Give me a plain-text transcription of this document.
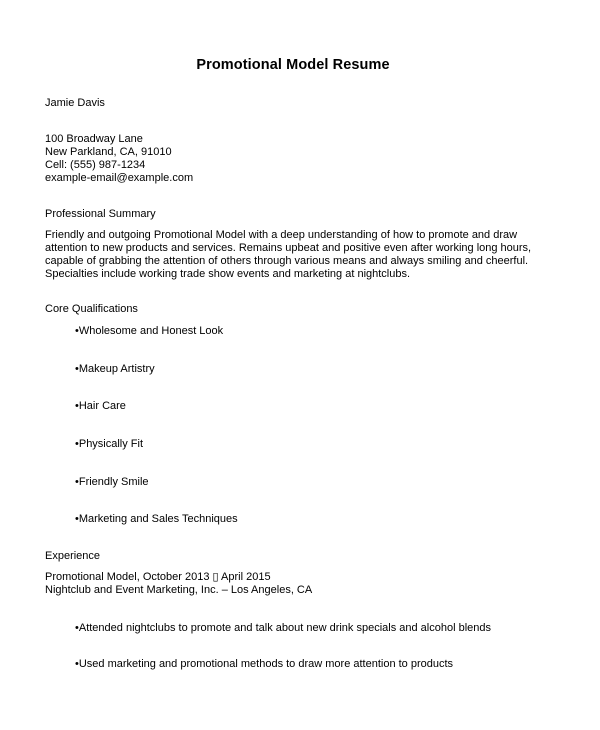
Promotional Model Resume
Jamie Davis
100 Broadway Lane
New Parkland, CA, 91010
Cell: (555) 987-1234
example-email@example.com
Professional Summary
Friendly and outgoing Promotional Model with a deep understanding of how to promote and draw attention to new products and services. Remains upbeat and positive even after working long hours, capable of grabbing the attention of others through various means and always smiling and cheerful. Specialties include working trade show events and marketing at nightclubs.
Core Qualifications
•Wholesome and Honest Look
•Makeup Artistry
•Hair Care
•Physically Fit
•Friendly Smile
•Marketing and Sales Techniques
Experience
Promotional Model, October 2013 ▯ April 2015
Nightclub and Event Marketing, Inc. – Los Angeles, CA
•Attended nightclubs to promote and talk about new drink specials and alcohol blends
•Used marketing and promotional methods to draw more attention to products
